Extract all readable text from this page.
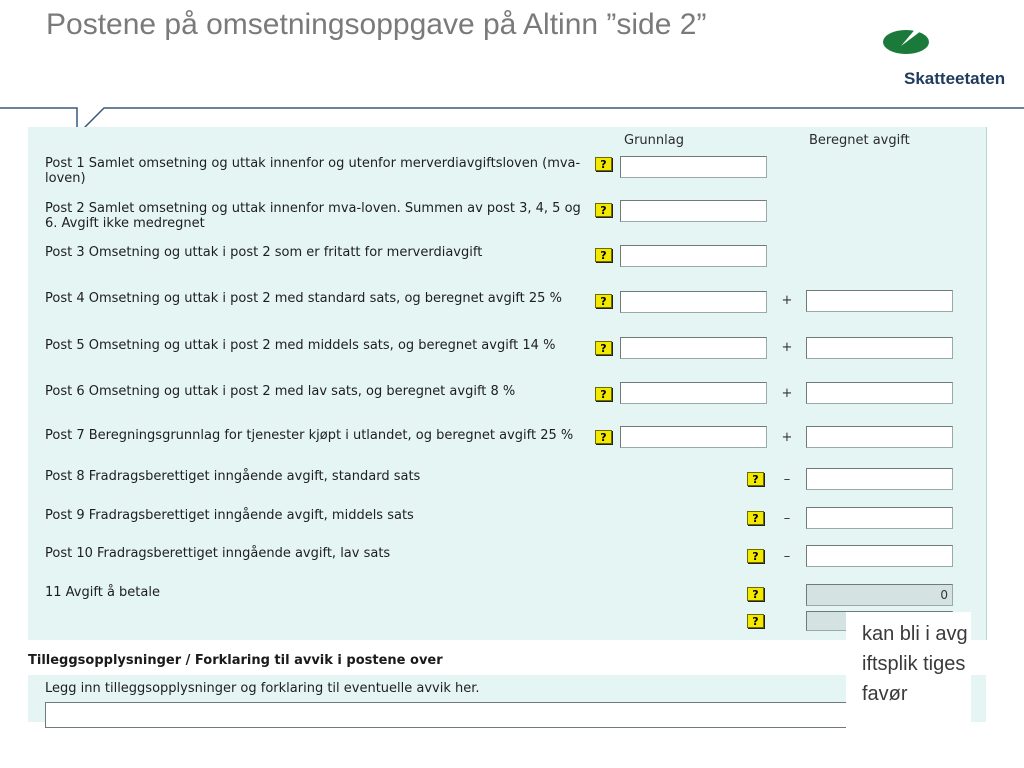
Postene på omsetningsoppgave på Altinn ”side 2”
Skatteetaten
Grunnlag	Beregnet avgift
Post 1 Samlet omsetning og uttak innenfor og utenfor merverdiavgiftsloven (mva-loven)
?
Post 2 Samlet omsetning og uttak innenfor mva-loven. Summen av post 3, 4, 5 og 6. Avgift ikke medregnet
?
Post 3 Omsetning og uttak i post 2 som er fritatt for merverdiavgift	?
Post 4 Omsetning og uttak i post 2 med standard sats, og beregnet avgift 25 %	?	+
Post 5 Omsetning og uttak i post 2 med middels sats, og beregnet avgift 14 %	?	+
Post 6 Omsetning og uttak i post 2 med lav sats, og beregnet avgift 8 %	?	+
Post 7 Beregningsgrunnlag for tjenester kjøpt i utlandet, og beregnet avgift 25 %	?	+
Post 8 Fradragsberettiget inngående avgift, standard sats	?	–
Post 9 Fradragsberettiget inngående avgift, middels sats	?	–
Post 10 Fradragsberettiget inngående avgift, lav sats	?	–
11 Avgift å betale	?	0
?
Tilleggsopplysninger / Forklaring til avvik i postene over
Legg inn tilleggsopplysninger og forklaring til eventuelle avvik her.
kan bli i avgiftsplik tiges favør
